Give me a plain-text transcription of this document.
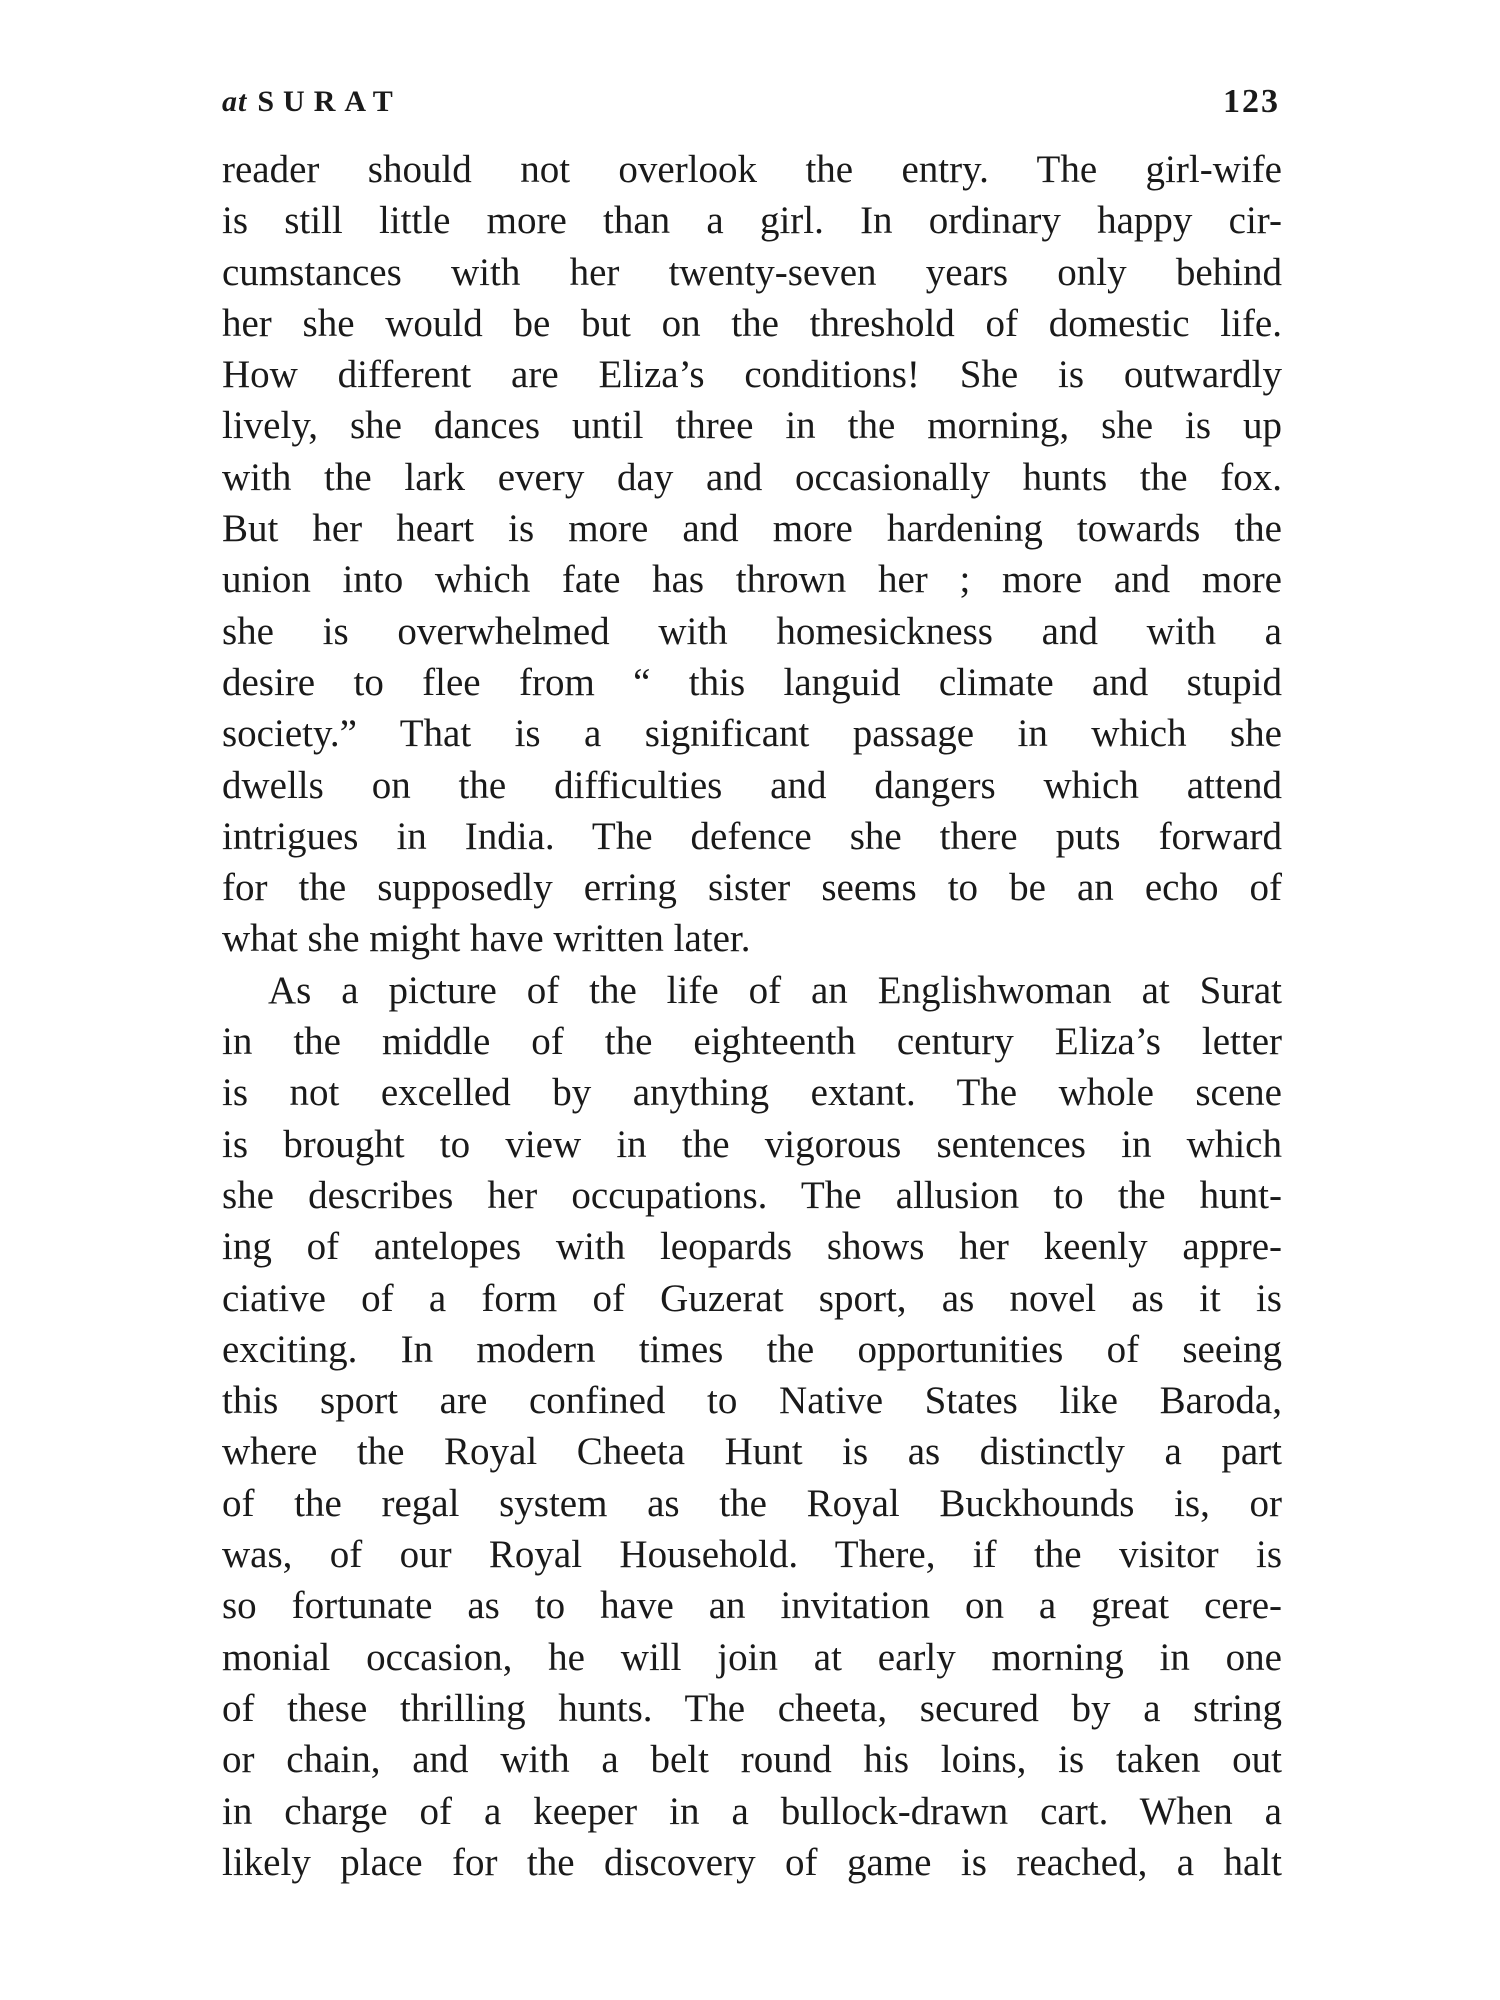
at SURAT	123
reader should not overlook the entry. The girl-wife
is still little more than a girl. In ordinary happy cir-
cumstances with her twenty-seven years only behind
her she would be but on the threshold of domestic life.
How different are Eliza’s conditions! She is outwardly
lively, she dances until three in the morning, she is up
with the lark every day and occasionally hunts the fox.
But her heart is more and more hardening towards the
union into which fate has thrown her ; more and more
she is overwhelmed with homesickness and with a
desire to flee from “ this languid climate and stupid
society.” That is a significant passage in which she
dwells on the difficulties and dangers which attend
intrigues in India. The defence she there puts forward
for the supposedly erring sister seems to be an echo of
what she might have written later.
As a picture of the life of an Englishwoman at Surat
in the middle of the eighteenth century Eliza’s letter
is not excelled by anything extant. The whole scene
is brought to view in the vigorous sentences in which
she describes her occupations. The allusion to the hunt-
ing of antelopes with leopards shows her keenly appre-
ciative of a form of Guzerat sport, as novel as it is
exciting. In modern times the opportunities of seeing
this sport are confined to Native States like Baroda,
where the Royal Cheeta Hunt is as distinctly a part
of the regal system as the Royal Buckhounds is, or
was, of our Royal Household. There, if the visitor is
so fortunate as to have an invitation on a great cere-
monial occasion, he will join at early morning in one
of these thrilling hunts. The cheeta, secured by a string
or chain, and with a belt round his loins, is taken out
in charge of a keeper in a bullock-drawn cart. When a
likely place for the discovery of game is reached, a halt
